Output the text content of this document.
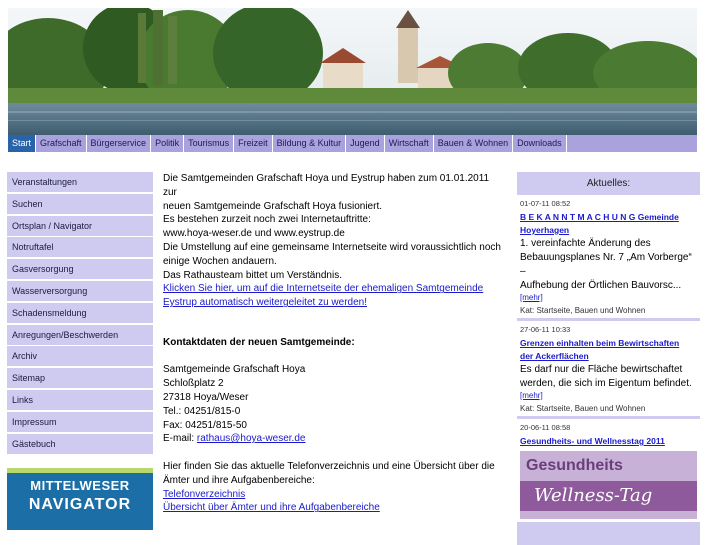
Start	Grafschaft	Bürgerservice	Politik	Tourismus	Freizeit	Bildung & Kultur	Jugend	Wirtschaft	Bauen & Wohnen	Downloads
Veranstaltungen
Suchen
Ortsplan / Navigator
Notruftafel
Gasversorgung
Wasserversorgung
Schadensmeldung
Anregungen/Beschwerden
Archiv
Sitemap
Links
Impressum
Gästebuch
MITTELWESER
NAVIGATOR

Die Samtgemeinden Grafschaft Hoya und Eystrup haben zum 01.01.2011 zur

neuen Samtgemeinde Grafschaft Hoya fusioniert.

Es bestehen zurzeit noch zwei Internetauftritte:

www.hoya-weser.de und www.eystrup.de

Die Umstellung auf eine gemeinsame Internetseite wird voraussichtlich noch

einige Wochen andauern.

Das Rathausteam bittet um Verständnis.

Klicken Sie hier, um auf die Internetseite der ehemaligen Samtgemeinde

Eystrup automatisch weitergeleitet zu werden!

Kontaktdaten der neuen Samtgemeinde:

Samtgemeinde Grafschaft Hoya

Schloßplatz 2

27318 Hoya/Weser

Tel.: 04251/815-0

Fax: 04251/815-50

E-mail: rathaus@hoya-weser.de

Hier finden Sie das aktuelle Telefonverzeichnis und eine Übersicht über die

Ämter und ihre Aufgabenbereiche:

Telefonverzeichnis

Übersicht über Ämter und ihre Aufgabenbereiche

Aktuelles:
01-07-11 08:52
B E K A N N T M A C H U N G Gemeinde
Hoyerhagen
1. vereinfachte Änderung des
Bebauungsplanes Nr. 7 „Am Vorberge“
–
Aufhebung der Örtlichen Bauvorsc...
[mehr]
Kat: Startseite, Bauen und Wohnen
27-06-11 10:33
Grenzen einhalten beim Bewirtschaften
der Ackerflächen
Es darf nur die Fläche bewirtschaftet
werden, die sich im Eigentum befindet.
[mehr]
Kat: Startseite, Bauen und Wohnen
20-06-11 08:58
Gesundheits- und Wellnesstag 2011
Gesundheits
Wellness-Tag
